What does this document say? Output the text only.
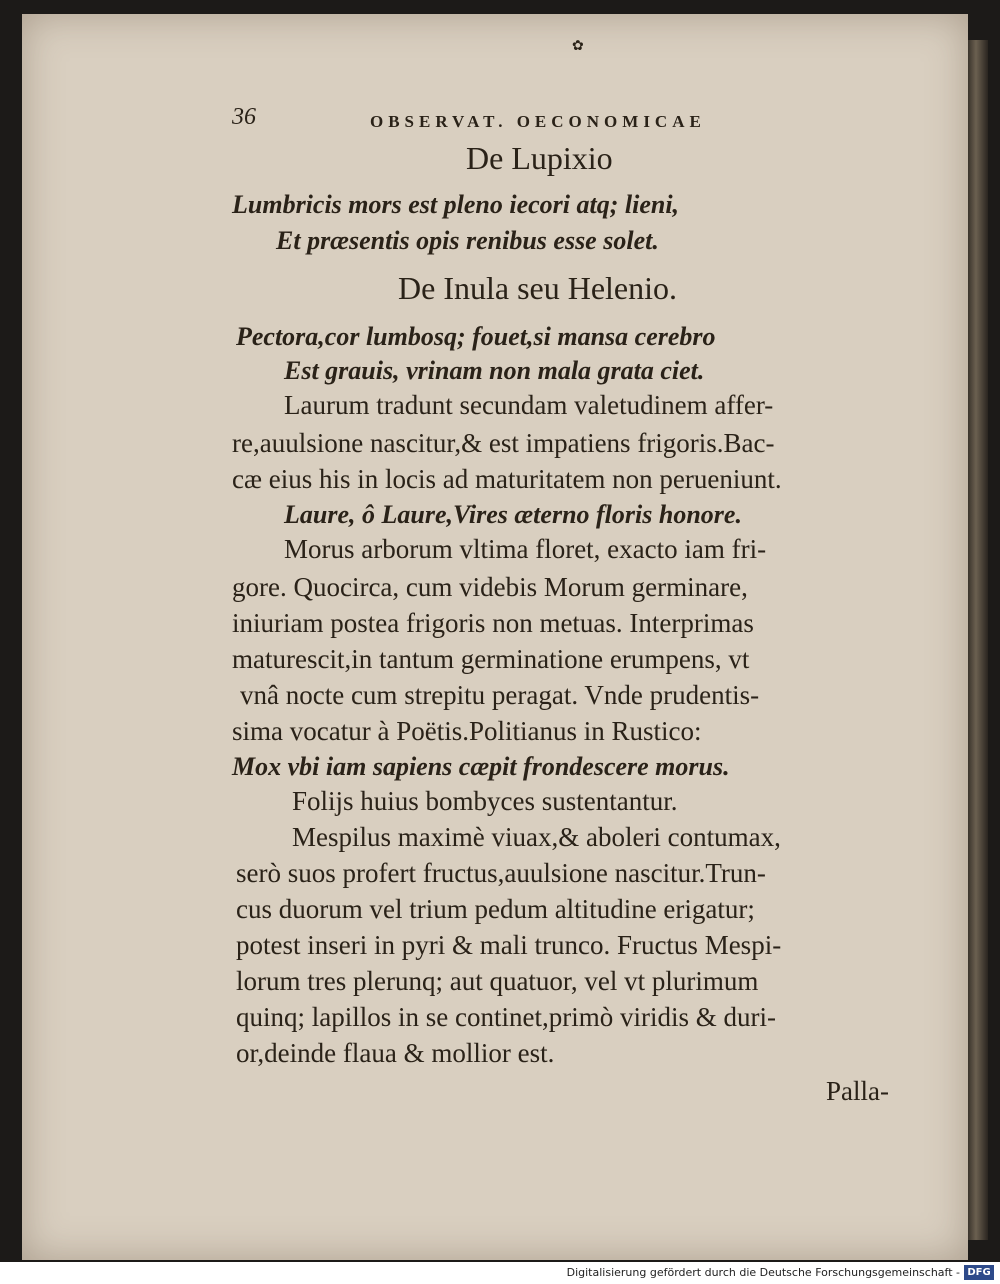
✿
36	OBSERVAT. OECONOMICAE
De Lupixio
Lumbricis mors est pleno iecori atq; lieni,
Et præsentis opis renibus esse solet.
De Inula seu Helenio.
Pectora,cor lumbosq; fouet,si mansa cerebro
Est grauis, vrinam non mala grata ciet.
Laurum tradunt secundam valetudinem affer-
re,auulsione nascitur,& est impatiens frigoris.Bac-
cæ eius his in locis ad maturitatem non perueniunt.
Laure, ô Laure,Vires æterno floris honore.
Morus arborum vltima floret, exacto iam fri-
gore. Quocirca, cum videbis Morum germinare,
iniuriam postea frigoris non metuas. Interprimas
maturescit,in tantum germinatione erumpens, vt
vnâ nocte cum strepitu peragat. Vnde prudentis-
sima vocatur à Poëtis.Politianus in Rustico:
Mox vbi iam sapiens cæpit frondescere morus.
Folijs huius bombyces sustentantur.
Mespilus maximè viuax,& aboleri contumax,
serò suos profert fructus,auulsione nascitur.Trun-
cus duorum vel trium pedum altitudine erigatur;
potest inseri in pyri & mali trunco. Fructus Mespi-
lorum tres plerunq; aut quatuor, vel vt plurimum
quinq; lapillos in se continet,primò viridis & duri-
or,deinde flaua & mollior est.
Palla-
Digitalisierung gefördert durch die Deutsche Forschungsgemeinschaft - DFG
